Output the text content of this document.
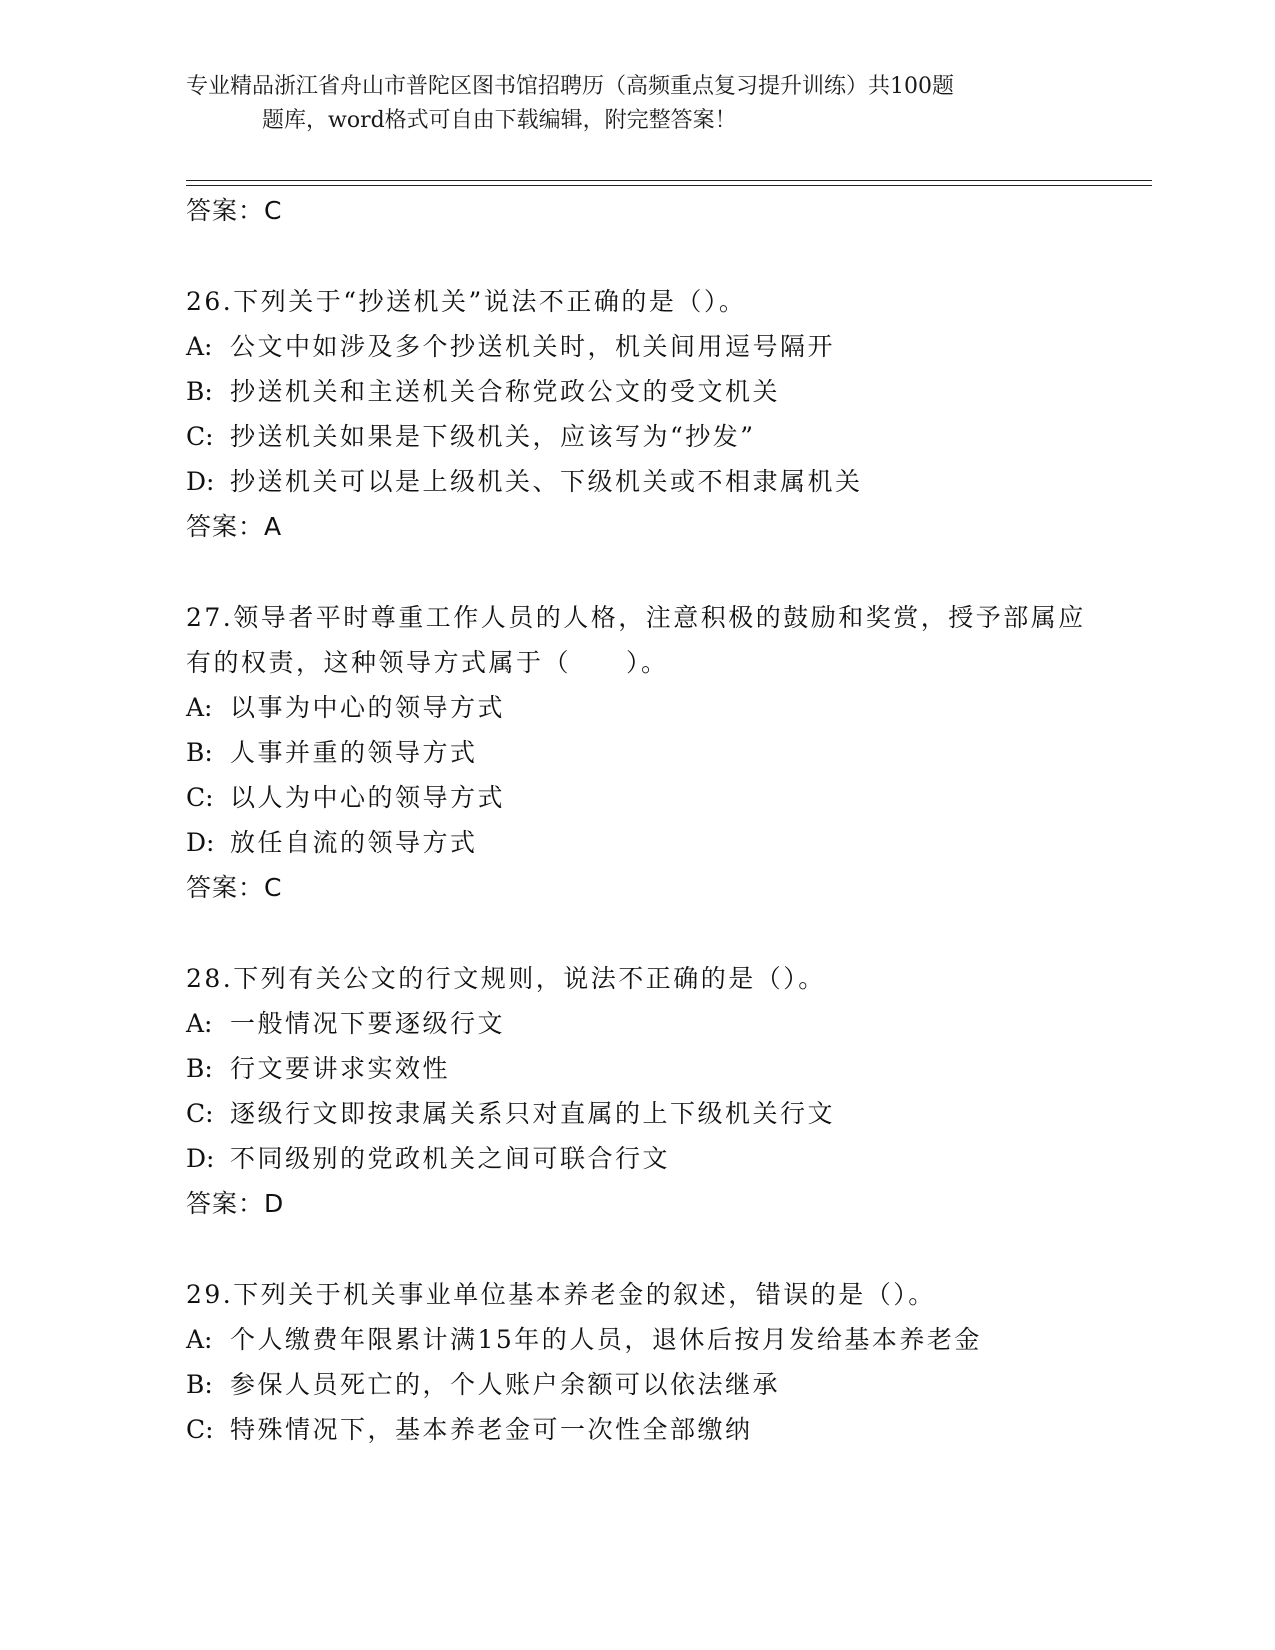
专业精品浙江省舟山市普陀区图书馆招聘历（高频重点复习提升训练）共100题
题库，word格式可自由下载编辑，附完整答案！
答案：C
26.下列关于“抄送机关”说法不正确的是（）。
A: 公文中如涉及多个抄送机关时，机关间用逗号隔开
B: 抄送机关和主送机关合称党政公文的受文机关
C: 抄送机关如果是下级机关，应该写为“抄发”
D: 抄送机关可以是上级机关、下级机关或不相隶属机关
答案：A
27.领导者平时尊重工作人员的人格，注意积极的鼓励和奖赏，授予部属应有的权责，这种领导方式属于（　　）。
A: 以事为中心的领导方式
B: 人事并重的领导方式
C: 以人为中心的领导方式
D: 放任自流的领导方式
答案：C
28.下列有关公文的行文规则，说法不正确的是（）。
A: 一般情况下要逐级行文
B: 行文要讲求实效性
C: 逐级行文即按隶属关系只对直属的上下级机关行文
D: 不同级别的党政机关之间可联合行文
答案：D
29.下列关于机关事业单位基本养老金的叙述，错误的是（）。
A: 个人缴费年限累计满15年的人员，退休后按月发给基本养老金
B: 参保人员死亡的，个人账户余额可以依法继承
C: 特殊情况下，基本养老金可一次性全部缴纳
